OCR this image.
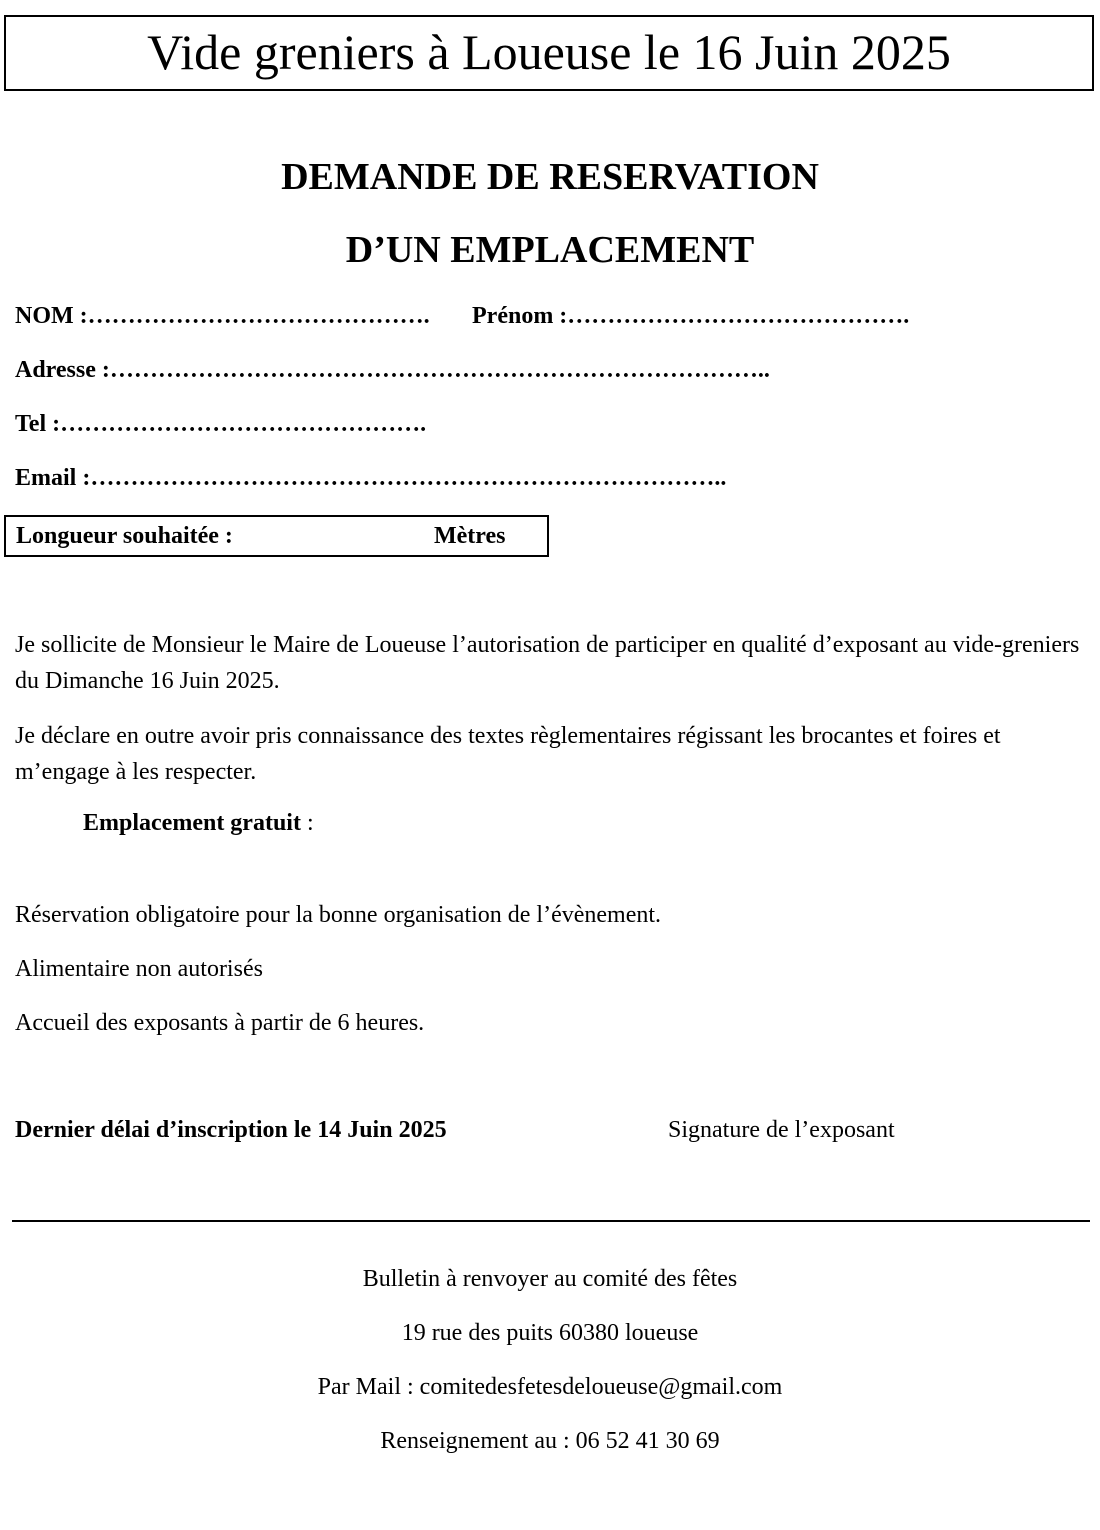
Vide greniers à Loueuse le 16 Juin 2025
DEMANDE DE RESERVATION
D’UN EMPLACEMENT
NOM :……………………………………. Prénom :…………………………………….
Adresse :………………………………………………………………………..
Tel :……………………………………….
Email :……………………………………………………………………..
Longueur souhaitée :	Mètres
Je sollicite de Monsieur le Maire de Loueuse l’autorisation de participer en qualité d’exposant au vide-greniers du Dimanche 16 Juin 2025.
Je déclare en outre avoir pris connaissance des textes règlementaires régissant les brocantes et foires et m’engage à les respecter.
Emplacement gratuit :
Réservation obligatoire pour la bonne organisation de l’évènement.
Alimentaire non autorisés
Accueil des exposants à partir de 6 heures.
Dernier délai d’inscription le 14 Juin 2025	Signature de l’exposant
Bulletin à renvoyer au comité des fêtes
19 rue des puits 60380 loueuse
Par Mail : comitedesfetesdeloueuse@gmail.com
Renseignement au : 06 52 41 30 69
